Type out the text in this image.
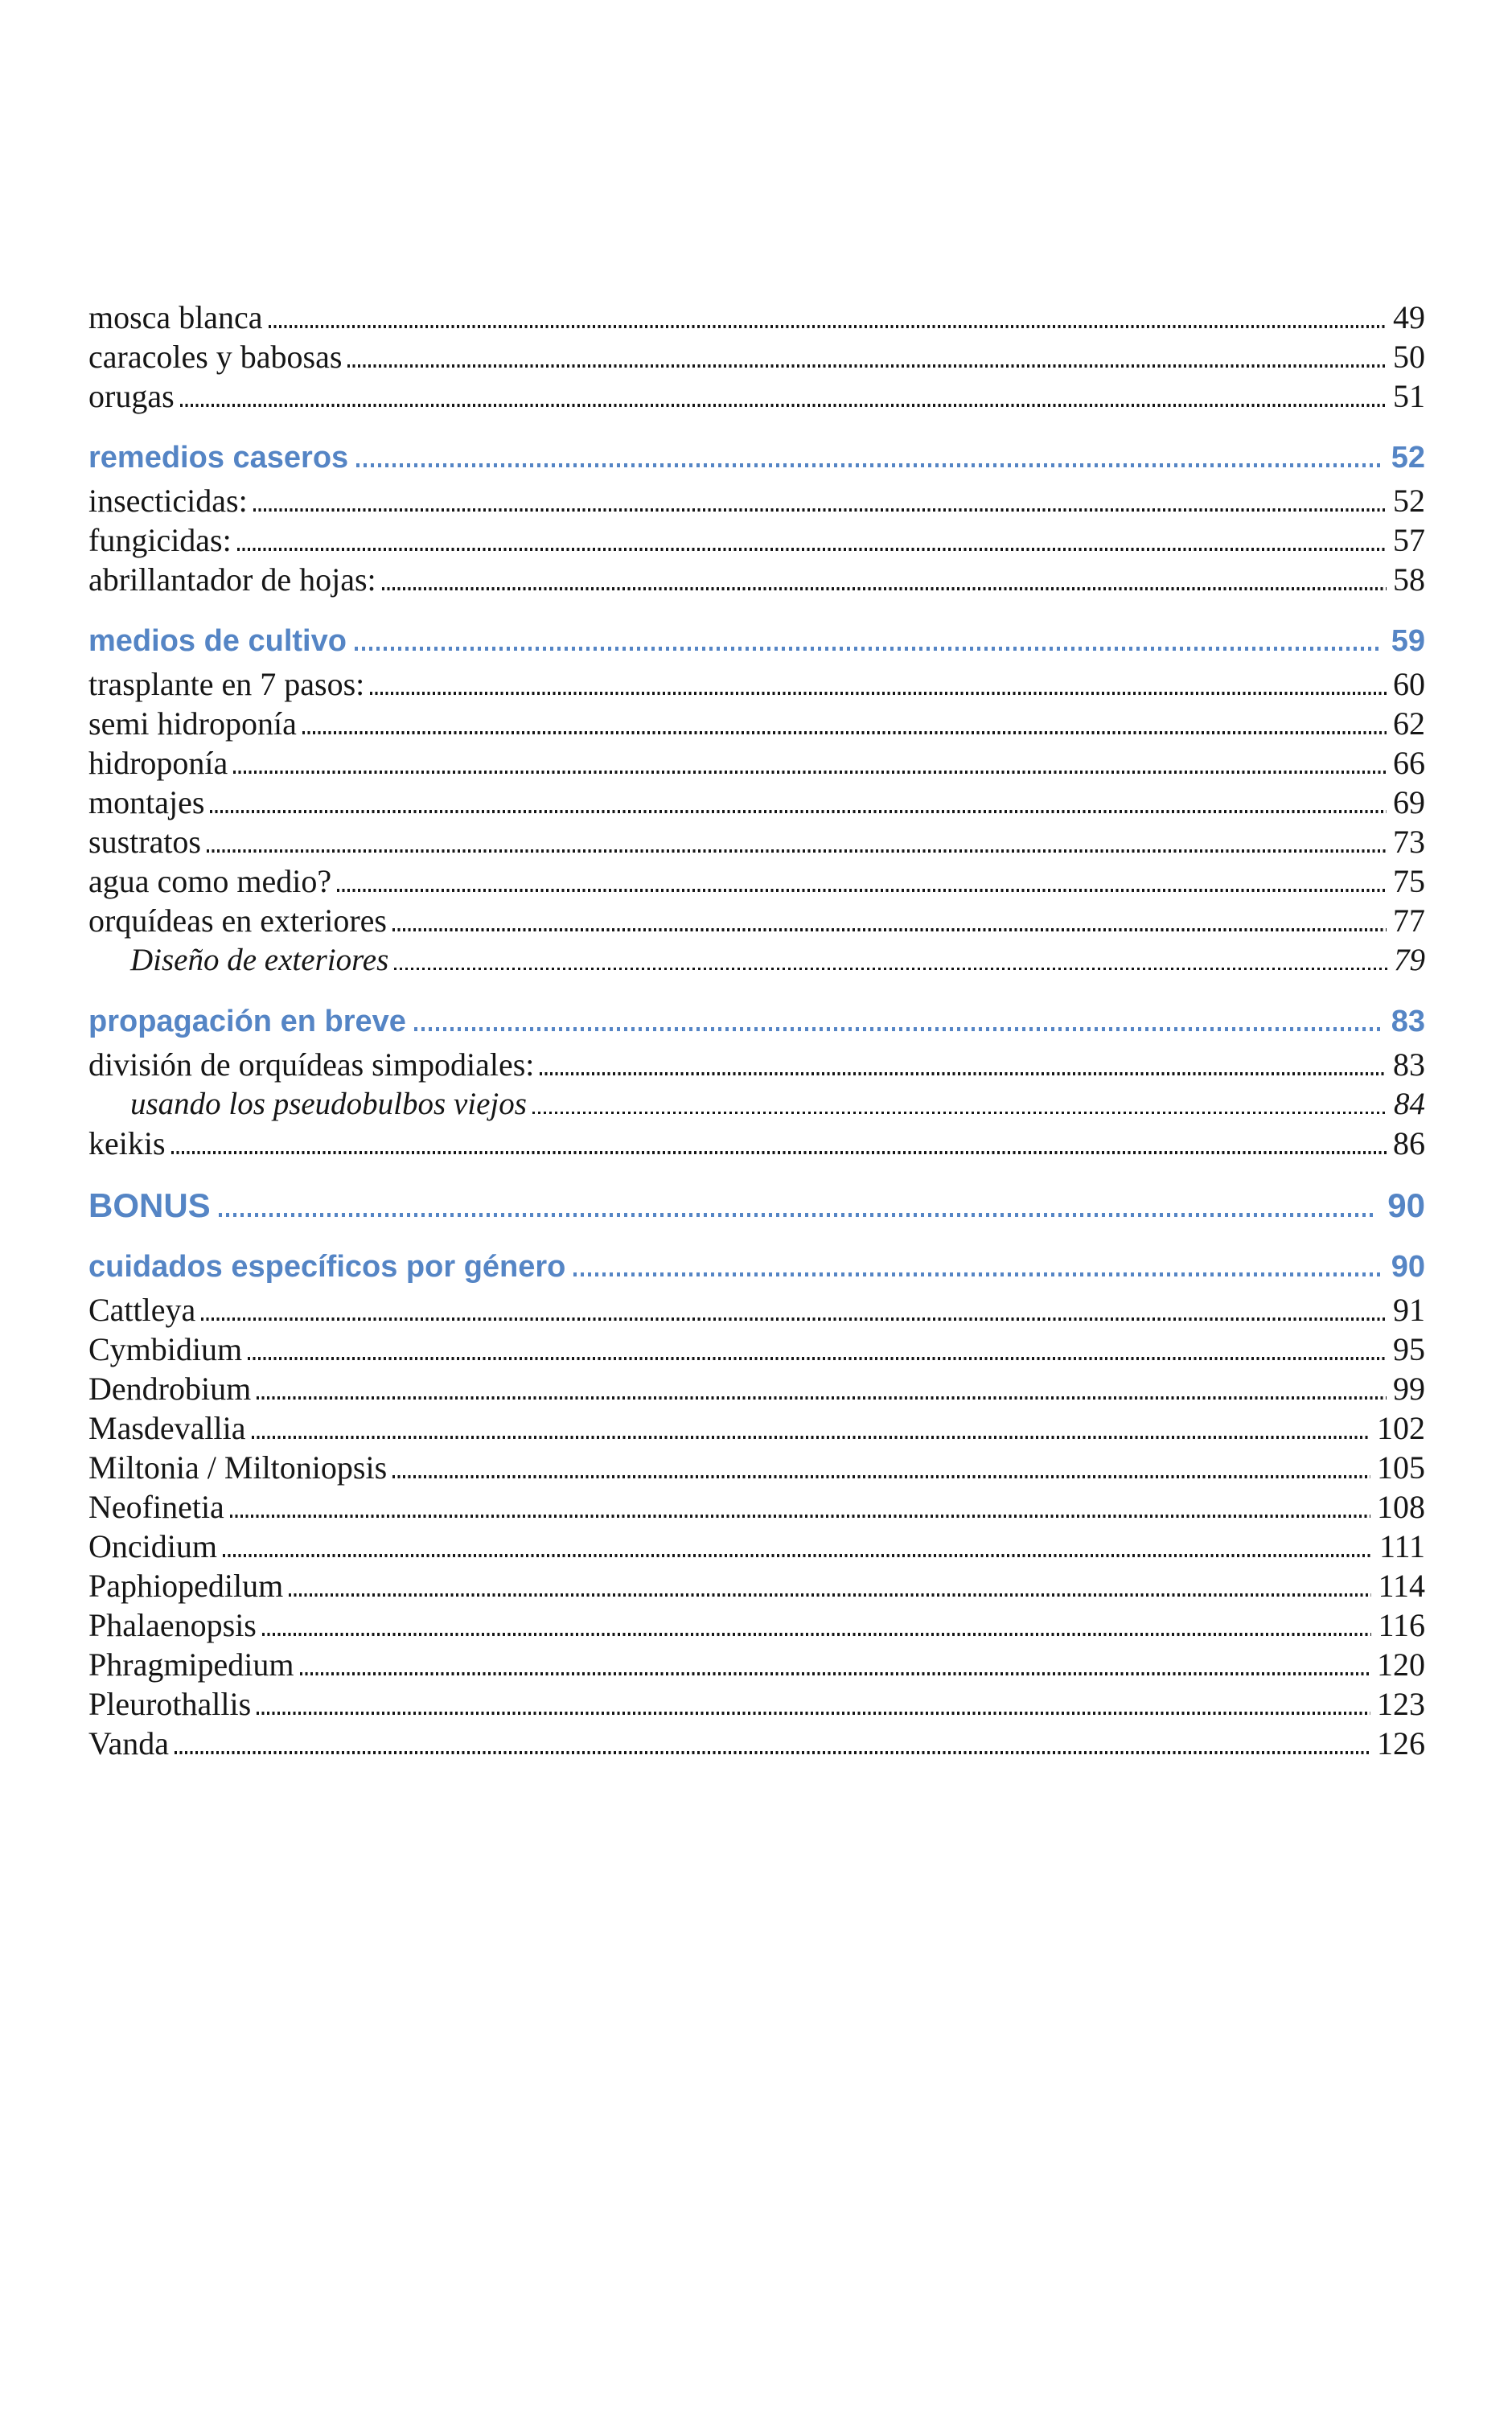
mosca blanca	49
caracoles y babosas	50
orugas	51
remedios caseros	52
insecticidas:	52
fungicidas:	57
abrillantador de hojas:	58
medios de cultivo	59
trasplante en 7 pasos:	60
semi hidroponía	62
hidroponía	66
montajes	69
sustratos	73
agua como medio?	75
orquídeas en exteriores	77
Diseño de exteriores	79
propagación en breve	83
división de orquídeas simpodiales:	83
usando los pseudobulbos viejos	84
keikis	86
BONUS	90
cuidados específicos por género	90
Cattleya	91
Cymbidium	95
Dendrobium	99
Masdevallia	102
Miltonia / Miltoniopsis	105
Neofinetia	108
Oncidium	111
Paphiopedilum	114
Phalaenopsis	116
Phragmipedium	120
Pleurothallis	123
Vanda	126
